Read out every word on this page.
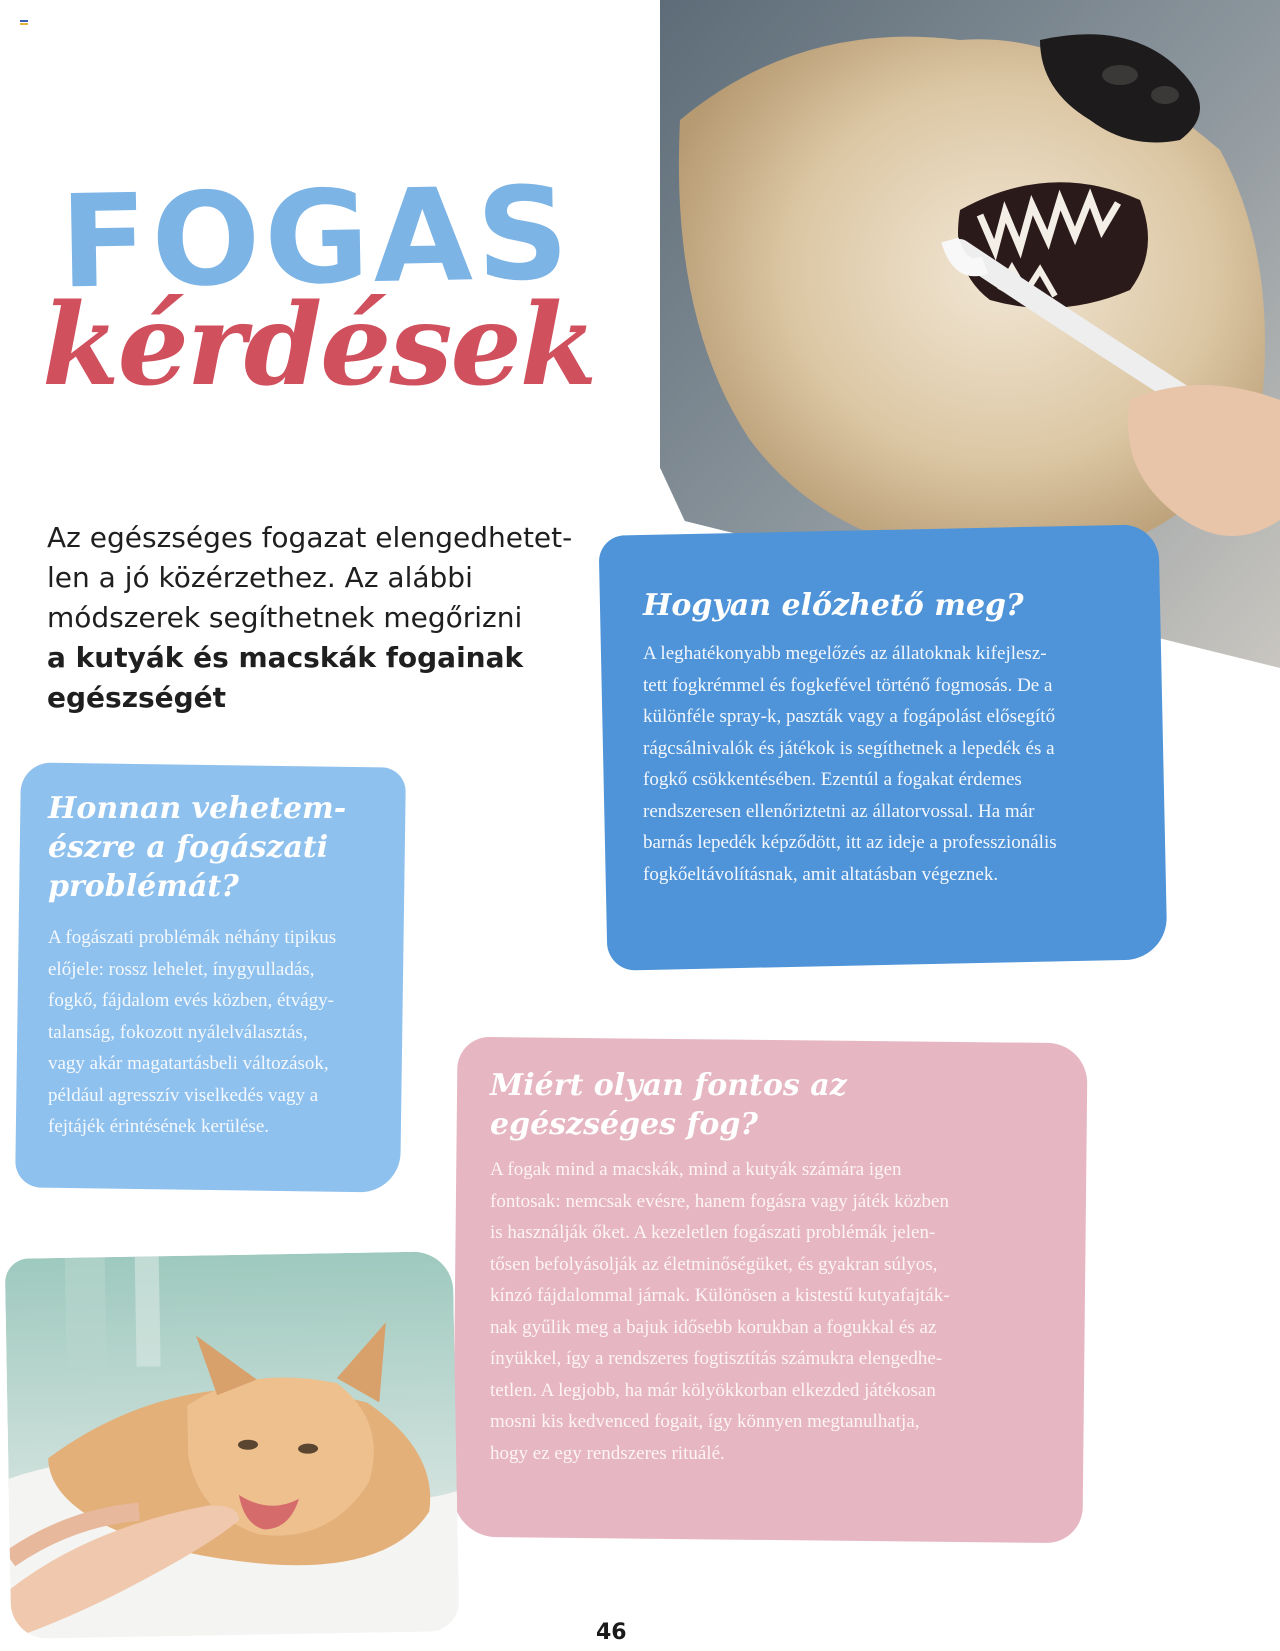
FOGAS
kérdések
Az egészséges fogazat elengedhetet-
len a jó közérzethez. Az alábbi
módszerek segíthetnek megőrizni
a kutyák és macskák fogainak
egészségét
Hogyan előzhető meg?
A leghatékonyabb megelőzés az állatoknak kifejlesz-
tett fogkrémmel és fogkefével történő fogmosás. De a
különféle spray-k, paszták vagy a fogápolást elősegítő
rágcsálnivalók és játékok is segíthetnek a lepedék és a
fogkő csökkentésében. Ezentúl a fogakat érdemes
rendszeresen ellenőriztetni az állatorvossal. Ha már
barnás lepedék képződött, itt az ideje a professzionális
fogkőeltávolításnak, amit altatásban végeznek.
Honnan vehetem-
észre a fogászati
problémát?
A fogászati problémák néhány tipikus
előjele: rossz lehelet, ínygyulladás,
fogkő, fájdalom evés közben, étvágy-
talanság, fokozott nyálelválasztás,
vagy akár magatartásbeli változások,
például agresszív viselkedés vagy a
fejtájék érintésének kerülése.
Miért olyan fontos az
egészséges fog?
A fogak mind a macskák, mind a kutyák számára igen
fontosak: nemcsak evésre, hanem fogásra vagy játék közben
is használják őket. A kezeletlen fogászati problémák jelen-
tősen befolyásolják az életminőségüket, és gyakran súlyos,
kínzó fájdalommal járnak. Különösen a kistestű kutyafajták-
nak gyűlik meg a bajuk idősebb korukban a fogukkal és az
ínyükkel, így a rendszeres fogtisztítás számukra elengedhe-
tetlen. A legjobb, ha már kölyökkorban elkezded játékosan
mosni kis kedvenced fogait, így könnyen megtanulhatja,
hogy ez egy rendszeres rituálé.
46
